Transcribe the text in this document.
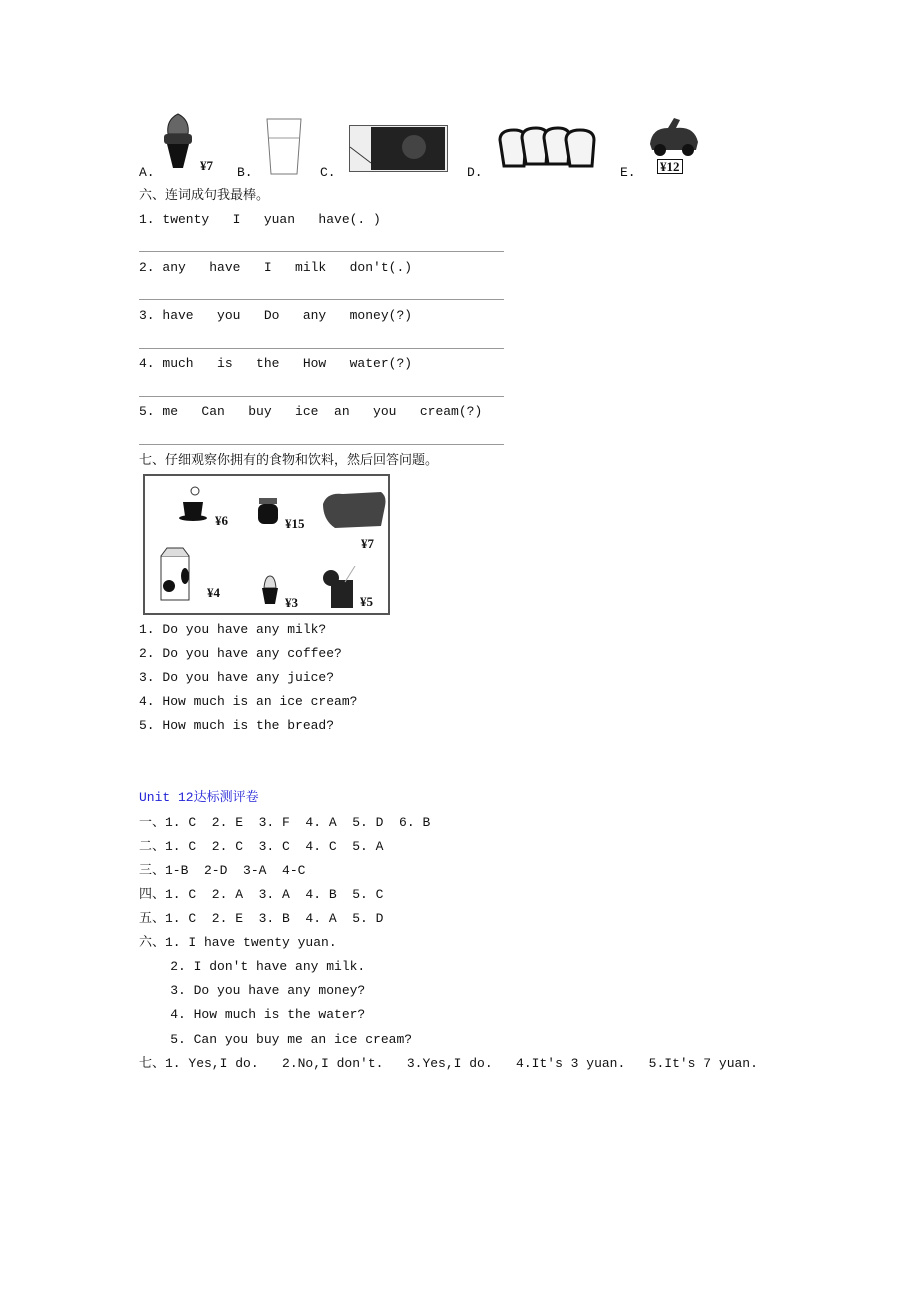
A.	¥7 B.	C.	D.	E. ¥12
六、连词成句我最棒。
1. twenty   I   yuan   have(. )
2. any   have   I   milk   don't(.)
3. have   you   Do   any   money(?)
4. much   is   the   How   water(?)
5. me   Can   buy   ice  an   you   cream(?)
七、仔细观察你拥有的食物和饮料，然后回答问题。
¥6	¥15
¥7
¥4
¥3	¥5
1. Do you have any milk?
2. Do you have any coffee?
3. Do you have any juice?
4. How much is an ice cream?
5. How much is the bread?
Unit 12达标测评卷
一、1. C  2. E  3. F  4. A  5. D  6. B
二、1. C  2. C  3. C  4. C  5. A
三、1-B  2-D  3-A  4-C
四、1. C  2. A  3. A  4. B  5. C
五、1. C  2. E  3. B  4. A  5. D
六、1. I have twenty yuan.
2. I don't have any milk.
3. Do you have any money?
4. How much is the water?
5. Can you buy me an ice cream?
七、1. Yes,I do.   2.No,I don't.   3.Yes,I do.   4.It's 3 yuan.   5.It's 7 yuan.
